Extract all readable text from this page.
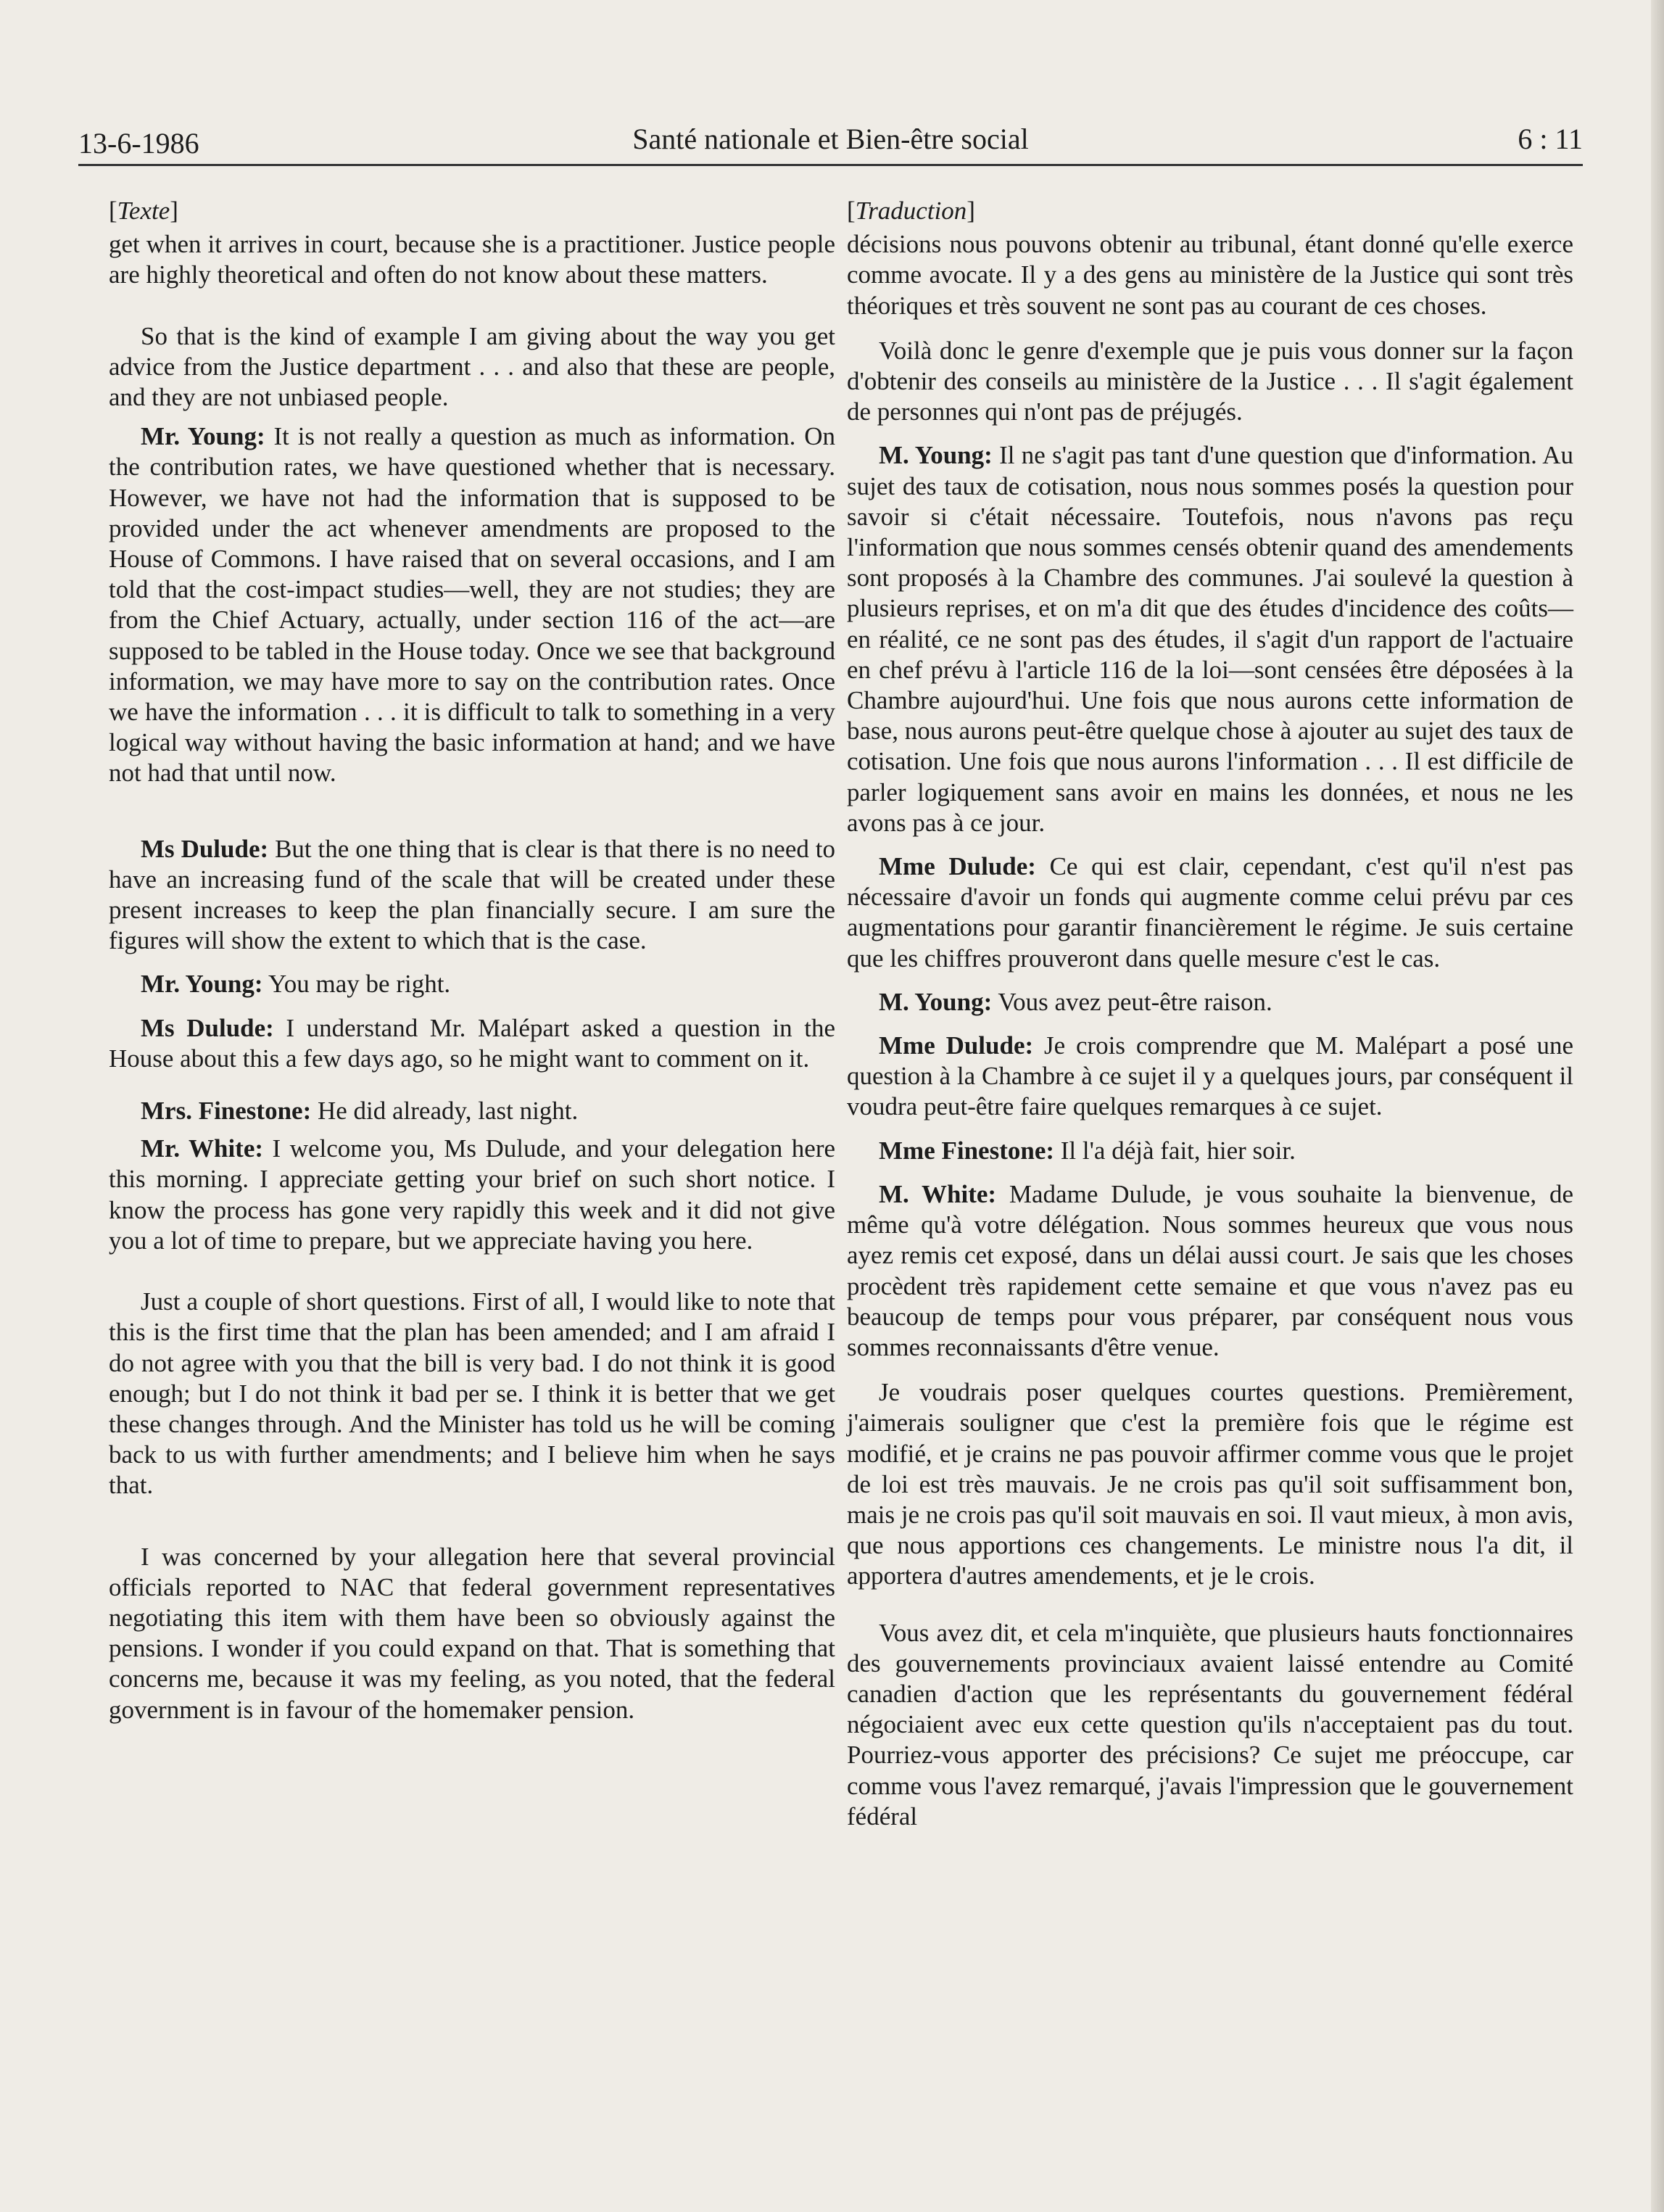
13-6-1986	Santé nationale et Bien-être social	6 : 11
[Texte]

get when it arrives in court, because she is a practitioner. Justice people are highly theoretical and often do not know about these matters.

So that is the kind of example I am giving about the way you get advice from the Justice department . . . and also that these are people, and they are not unbiased people.

Mr. Young: It is not really a question as much as information. On the contribution rates, we have questioned whether that is necessary. However, we have not had the information that is supposed to be provided under the act whenever amendments are proposed to the House of Commons. I have raised that on several occasions, and I am told that the cost-impact studies—well, they are not studies; they are from the Chief Actuary, actually, under section 116 of the act—are supposed to be tabled in the House today. Once we see that background information, we may have more to say on the contribution rates. Once we have the information . . . it is difficult to talk to something in a very logical way without having the basic information at hand; and we have not had that until now.

Ms Dulude: But the one thing that is clear is that there is no need to have an increasing fund of the scale that will be created under these present increases to keep the plan financially secure. I am sure the figures will show the extent to which that is the case.

Mr. Young: You may be right.

Ms Dulude: I understand Mr. Malépart asked a question in the House about this a few days ago, so he might want to comment on it.

Mrs. Finestone: He did already, last night.

Mr. White: I welcome you, Ms Dulude, and your delegation here this morning. I appreciate getting your brief on such short notice. I know the process has gone very rapidly this week and it did not give you a lot of time to prepare, but we appreciate having you here.

Just a couple of short questions. First of all, I would like to note that this is the first time that the plan has been amended; and I am afraid I do not agree with you that the bill is very bad. I do not think it is good enough; but I do not think it bad per se. I think it is better that we get these changes through. And the Minister has told us he will be coming back to us with further amendments; and I believe him when he says that.

I was concerned by your allegation here that several provincial officials reported to NAC that federal government representatives negotiating this item with them have been so obviously against the pensions. I wonder if you could expand on that. That is something that concerns me, because it was my feeling, as you noted, that the federal government is in favour of the homemaker pension.

[Traduction]

décisions nous pouvons obtenir au tribunal, étant donné qu'elle exerce comme avocate. Il y a des gens au ministère de la Justice qui sont très théoriques et très souvent ne sont pas au courant de ces choses.

Voilà donc le genre d'exemple que je puis vous donner sur la façon d'obtenir des conseils au ministère de la Justice . . . Il s'agit également de personnes qui n'ont pas de préjugés.

M. Young: Il ne s'agit pas tant d'une question que d'information. Au sujet des taux de cotisation, nous nous sommes posés la question pour savoir si c'était nécessaire. Toutefois, nous n'avons pas reçu l'information que nous sommes censés obtenir quand des amendements sont proposés à la Chambre des communes. J'ai soulevé la question à plusieurs reprises, et on m'a dit que des études d'incidence des coûts—en réalité, ce ne sont pas des études, il s'agit d'un rapport de l'actuaire en chef prévu à l'article 116 de la loi—sont censées être déposées à la Chambre aujourd'hui. Une fois que nous aurons cette information de base, nous aurons peut-être quelque chose à ajouter au sujet des taux de cotisation. Une fois que nous aurons l'information . . . Il est difficile de parler logiquement sans avoir en mains les données, et nous ne les avons pas à ce jour.

Mme Dulude: Ce qui est clair, cependant, c'est qu'il n'est pas nécessaire d'avoir un fonds qui augmente comme celui prévu par ces augmentations pour garantir financièrement le régime. Je suis certaine que les chiffres prouveront dans quelle mesure c'est le cas.

M. Young: Vous avez peut-être raison.

Mme Dulude: Je crois comprendre que M. Malépart a posé une question à la Chambre à ce sujet il y a quelques jours, par conséquent il voudra peut-être faire quelques remarques à ce sujet.

Mme Finestone: Il l'a déjà fait, hier soir.

M. White: Madame Dulude, je vous souhaite la bienvenue, de même qu'à votre délégation. Nous sommes heureux que vous nous ayez remis cet exposé, dans un délai aussi court. Je sais que les choses procèdent très rapidement cette semaine et que vous n'avez pas eu beaucoup de temps pour vous préparer, par conséquent nous vous sommes reconnaissants d'être venue.

Je voudrais poser quelques courtes questions. Premièrement, j'aimerais souligner que c'est la première fois que le régime est modifié, et je crains ne pas pouvoir affirmer comme vous que le projet de loi est très mauvais. Je ne crois pas qu'il soit suffisamment bon, mais je ne crois pas qu'il soit mauvais en soi. Il vaut mieux, à mon avis, que nous apportions ces changements. Le ministre nous l'a dit, il apportera d'autres amendements, et je le crois.

Vous avez dit, et cela m'inquiète, que plusieurs hauts fonctionnaires des gouvernements provinciaux avaient laissé entendre au Comité canadien d'action que les représentants du gouvernement fédéral négociaient avec eux cette question qu'ils n'acceptaient pas du tout. Pourriez-vous apporter des précisions? Ce sujet me préoccupe, car comme vous l'avez remarqué, j'avais l'impression que le gouvernement fédéral
